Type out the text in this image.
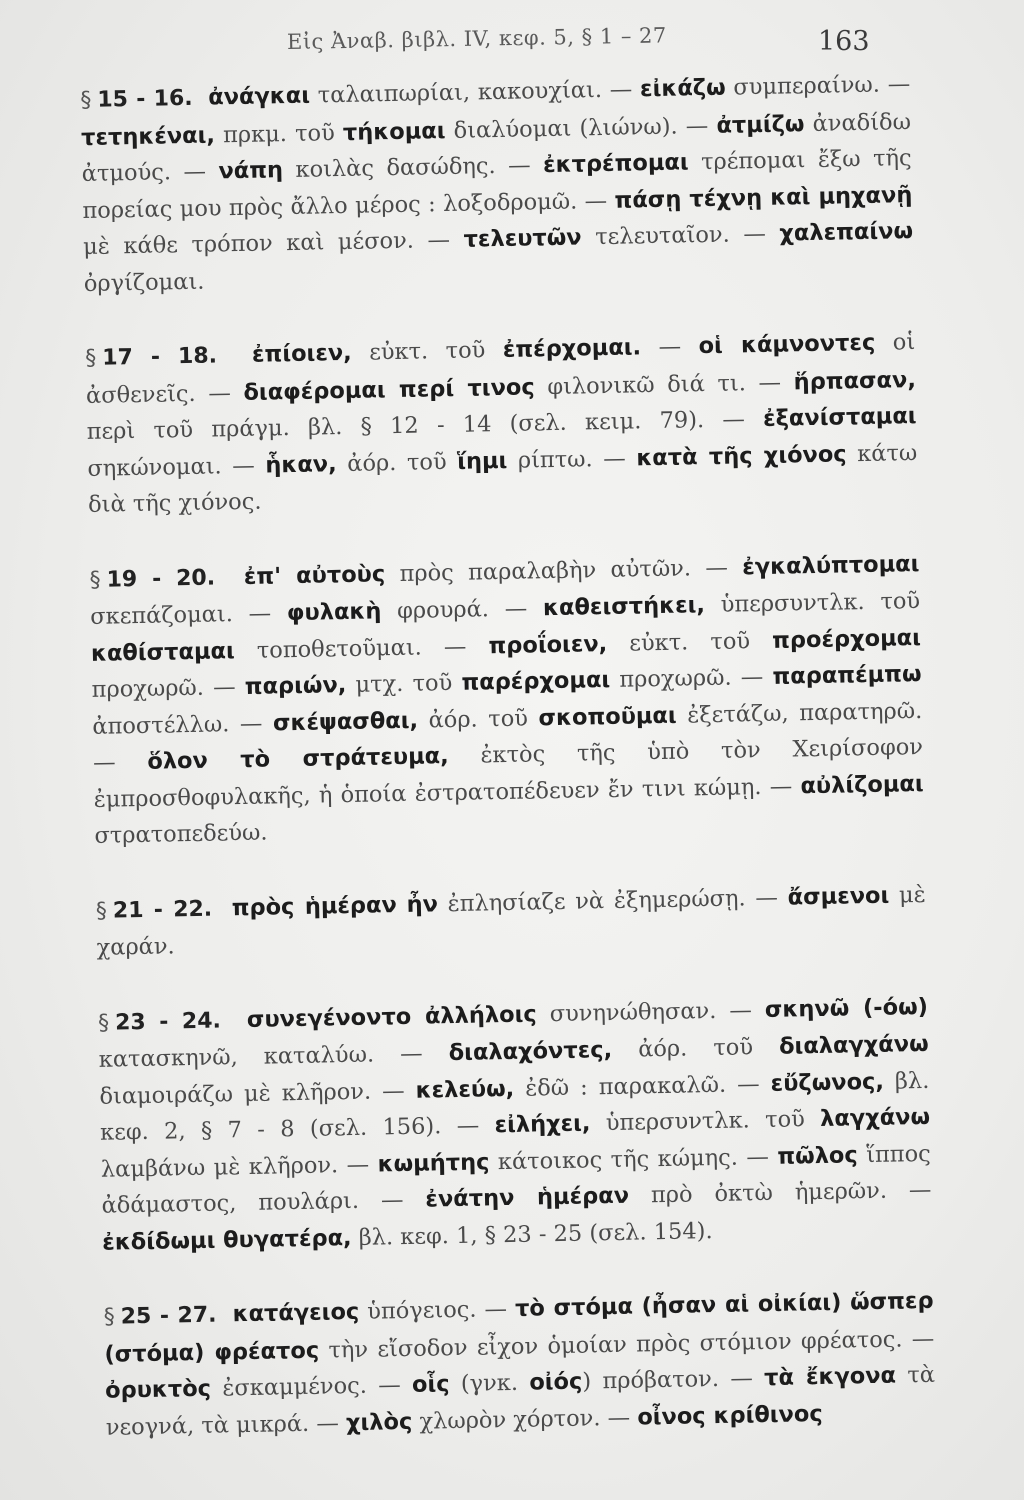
Εἰς Ἀναβ. βιβλ. IV, κεφ. 5, § 1 – 27	163

§ 15 - 16. ἀνάγκαι ταλαιπωρίαι, κακουχίαι. — εἰκάζω συμπεραίνω. — τετηκέναι, πρκμ. τοῦ τήκομαι διαλύομαι (λιώνω). — ἀτμίζω ἀναδίδω ἀτμούς. — νάπη κοιλὰς δασώδης. — ἐκτρέπομαι τρέπομαι ἔξω τῆς πορείας μου πρὸς ἄλλο μέρος : λοξοδρομῶ. — πάσῃ τέχνῃ καὶ μηχανῇ μὲ κάθε τρόπον καὶ μέσον. — τελευτῶν τελευταῖον. — χαλεπαίνω ὀργίζομαι.

§ 17 - 18. ἐπίοιεν, εὐκτ. τοῦ ἐπέρχομαι. — οἱ κάμνοντες οἱ ἀσθενεῖς. — διαφέρομαι περί τινος φιλονικῶ διά τι. — ἥρπασαν, περὶ τοῦ πράγμ. βλ. § 12 - 14 (σελ. κειμ. 79). — ἐξανίσταμαι σηκώνομαι. — ἧκαν, ἀόρ. τοῦ ἵημι ρίπτω. — κατὰ τῆς χιόνος κάτω διὰ τῆς χιόνος.

§ 19 - 20. ἐπ' αὐτοὺς πρὸς παραλαβὴν αὐτῶν. — ἐγκαλύπτομαι σκεπάζομαι. — φυλακὴ φρουρά. — καθειστήκει, ὑπερσυντλκ. τοῦ καθίσταμαι τοποθετοῦμαι. — προΐοιεν, εὐκτ. τοῦ προέρχομαι προχωρῶ. — παριών, μτχ. τοῦ παρέρχομαι προχωρῶ. — παραπέμπω ἀποστέλλω. — σκέψασθαι, ἀόρ. τοῦ σκοποῦμαι ἐξετάζω, παρατηρῶ. — ὅλον τὸ στράτευμα, ἐκτὸς τῆς ὑπὸ τὸν Χειρίσοφον ἐμπροσθοφυλακῆς, ἡ ὁποία ἐστρατοπέδευεν ἔν τινι κώμῃ. — αὐλίζομαι στρατοπεδεύω.

§ 21 - 22. πρὸς ἡμέραν ἦν ἐπλησίαζε νὰ ἐξημερώσῃ. — ἄσμενοι μὲ χαράν.

§ 23 - 24. συνεγένοντο ἀλλήλοις συνηνώθησαν. — σκηνῶ (-όω) κατασκηνῶ, καταλύω. — διαλαχόντες, ἀόρ. τοῦ διαλαγχάνω διαμοιράζω μὲ κλῆρον. — κελεύω, ἐδῶ : παρακαλῶ. — εὔζωνος, βλ. κεφ. 2, § 7 - 8 (σελ. 156). — εἰλήχει, ὑπερσυντλκ. τοῦ λαγχάνω λαμβάνω μὲ κλῆρον. — κωμήτης κάτοικος τῆς κώμης. — πῶλος ἵππος ἀδάμαστος, πουλάρι. — ἐνάτην ἡμέραν πρὸ ὀκτὼ ἡμερῶν. — ἐκδίδωμι θυγατέρα, βλ. κεφ. 1, § 23 - 25 (σελ. 154).

§ 25 - 27. κατάγειος ὑπόγειος. — τὸ στόμα (ἦσαν αἱ οἰκίαι) ὥσπερ (στόμα) φρέατος τὴν εἴσοδον εἶχον ὁμοίαν πρὸς στόμιον φρέατος. — ὀρυκτὸς ἐσκαμμένος. — οἷς (γνκ. οἰός) πρόβατον. — τὰ ἔκγονα τὰ νεογνά, τὰ μικρά. — χιλὸς χλωρὸν χόρτον. — οἶνος κρίθινος
